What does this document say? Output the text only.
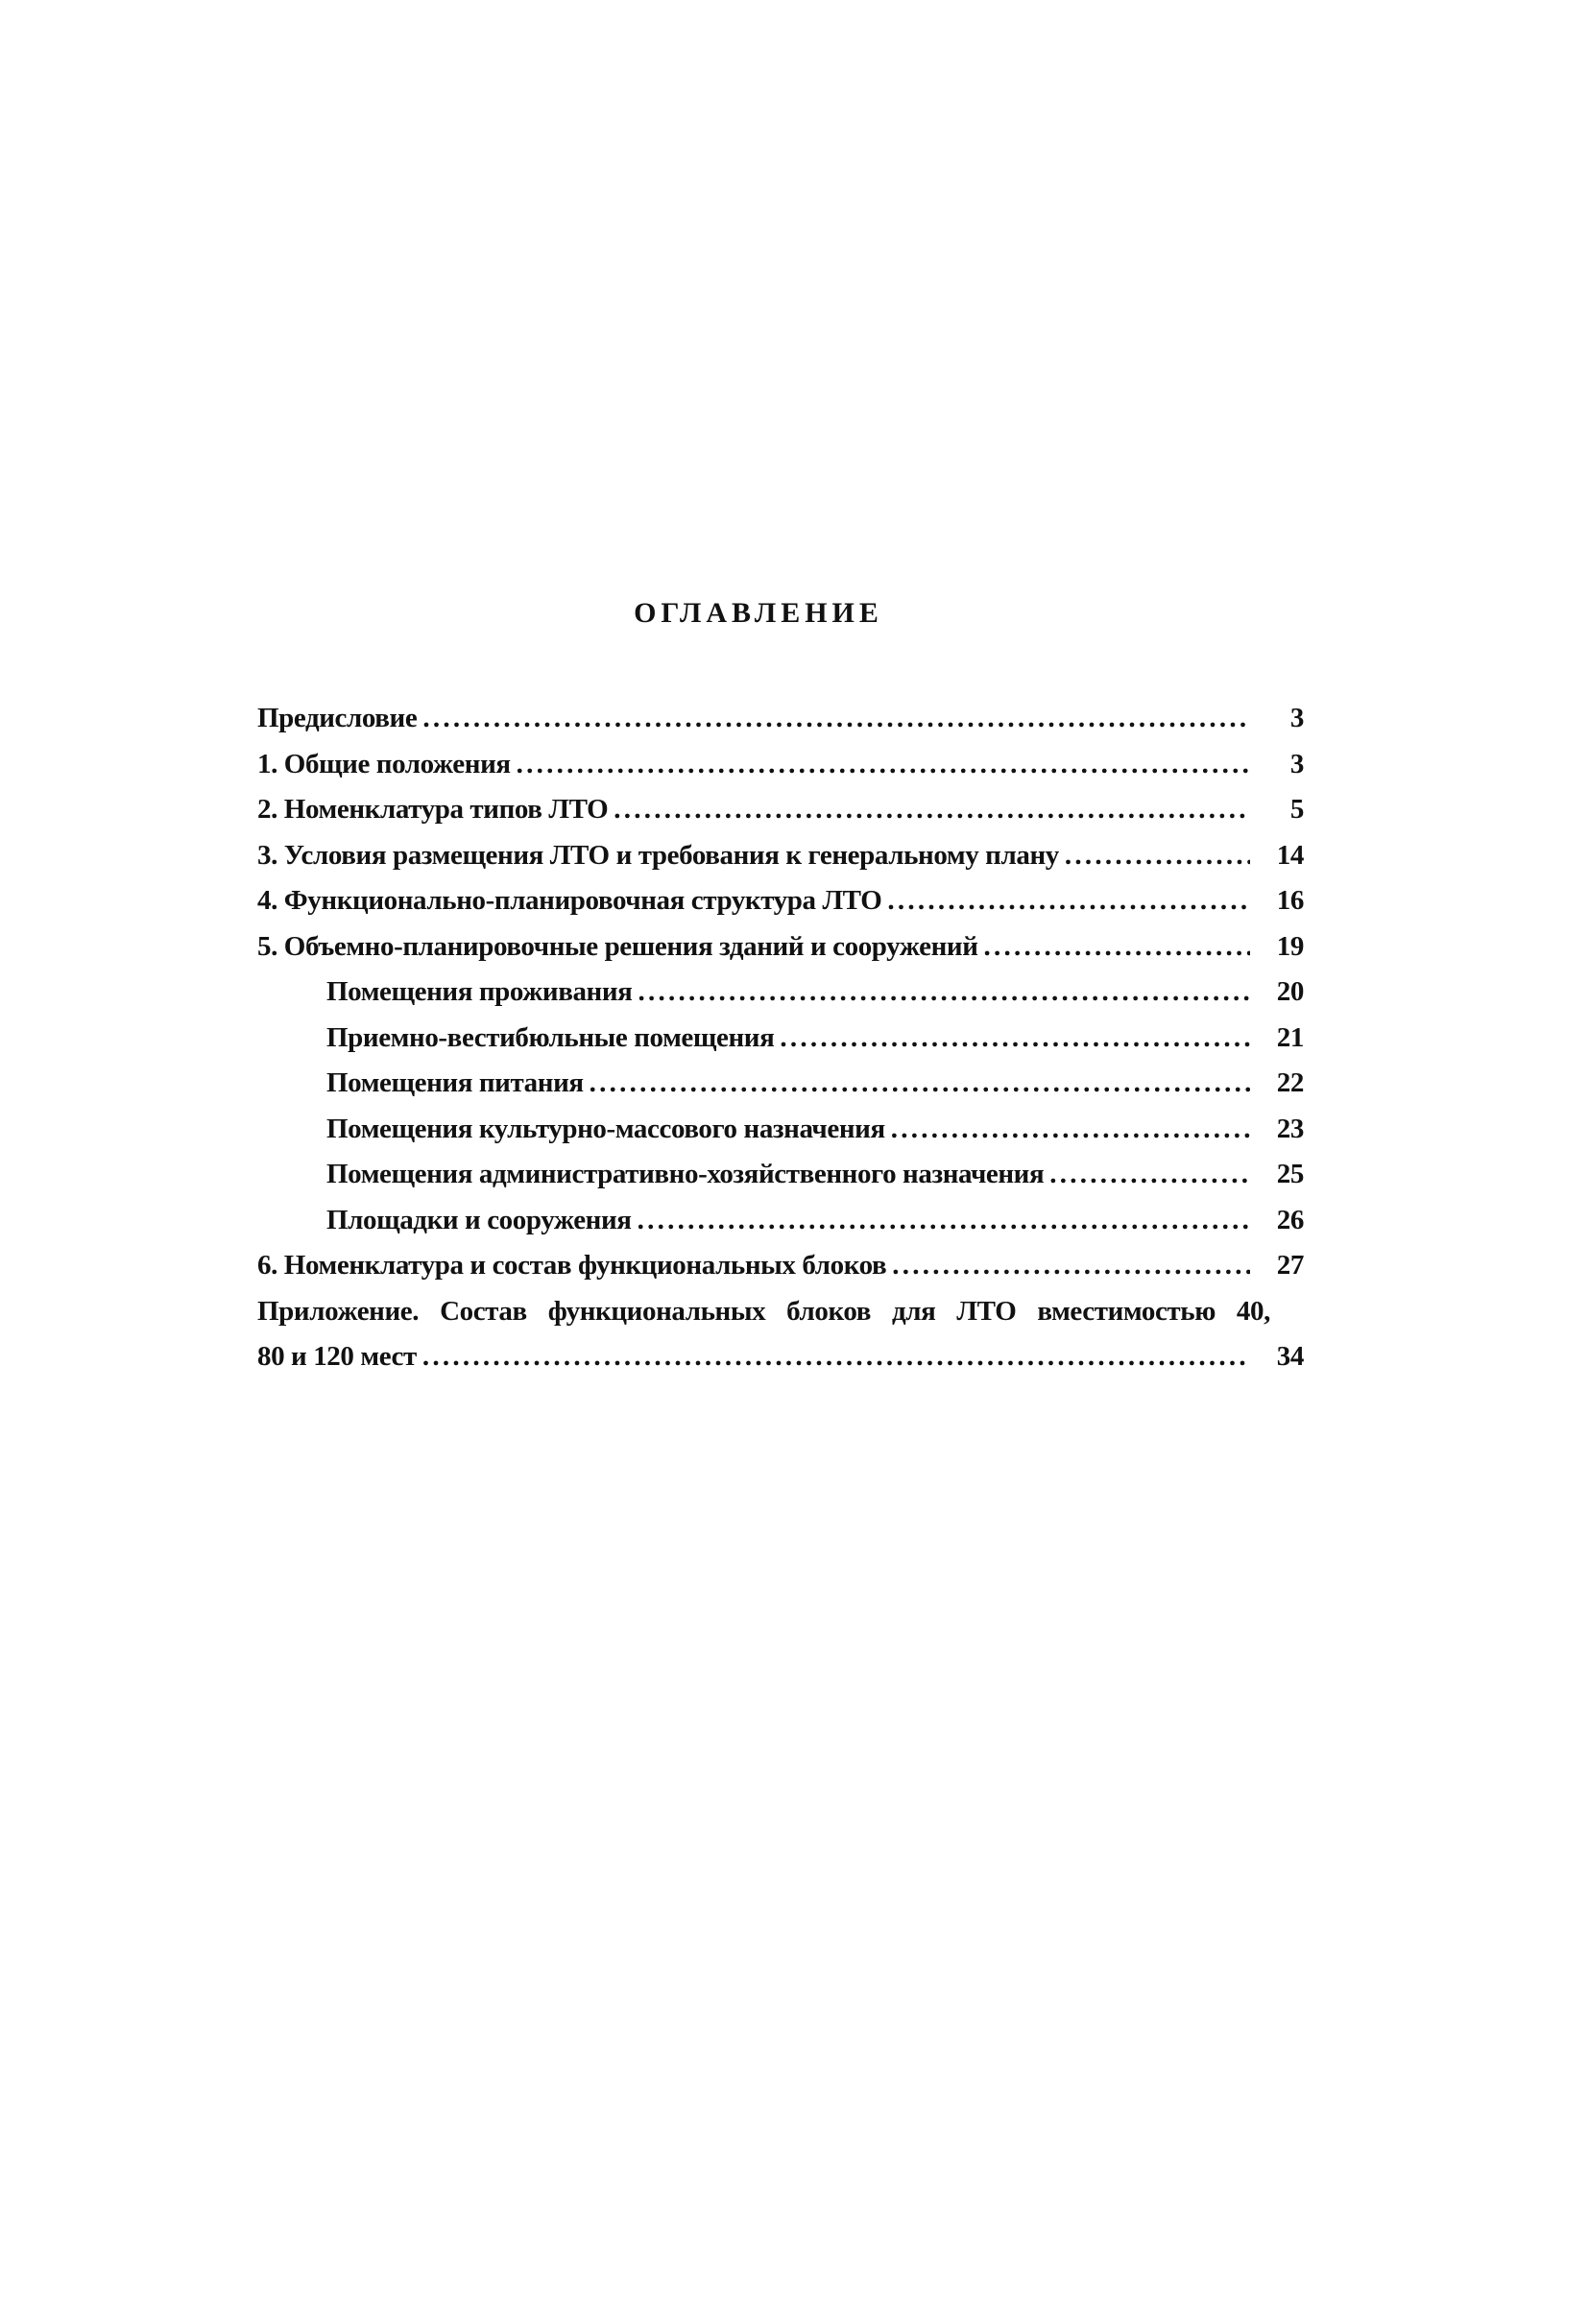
ОГЛАВЛЕНИЕ
Предисловие . . .	3
1. Общие положения . . .	3
2. Номенклатура типов ЛТО . . .	5
3. Условия размещения ЛТО и требования к генеральному плану . . .	14
4. Функционально-планировочная структура ЛТО . . .	16
5. Объемно-планировочные решения зданий и сооружений . . .	19
Помещения проживания . . .	20
Приемно-вестибюльные помещения . . .	21
Помещения питания . . .	22
Помещения культурно-массового назначения . . .	23
Помещения административно-хозяйственного назначения . . .	25
Площадки и сооружения . . .	26
6. Номенклатура и состав функциональных блоков . . .	27
Приложение. Состав функциональных блоков для ЛТО вместимостью 40,
80 и 120 мест . . .	34
